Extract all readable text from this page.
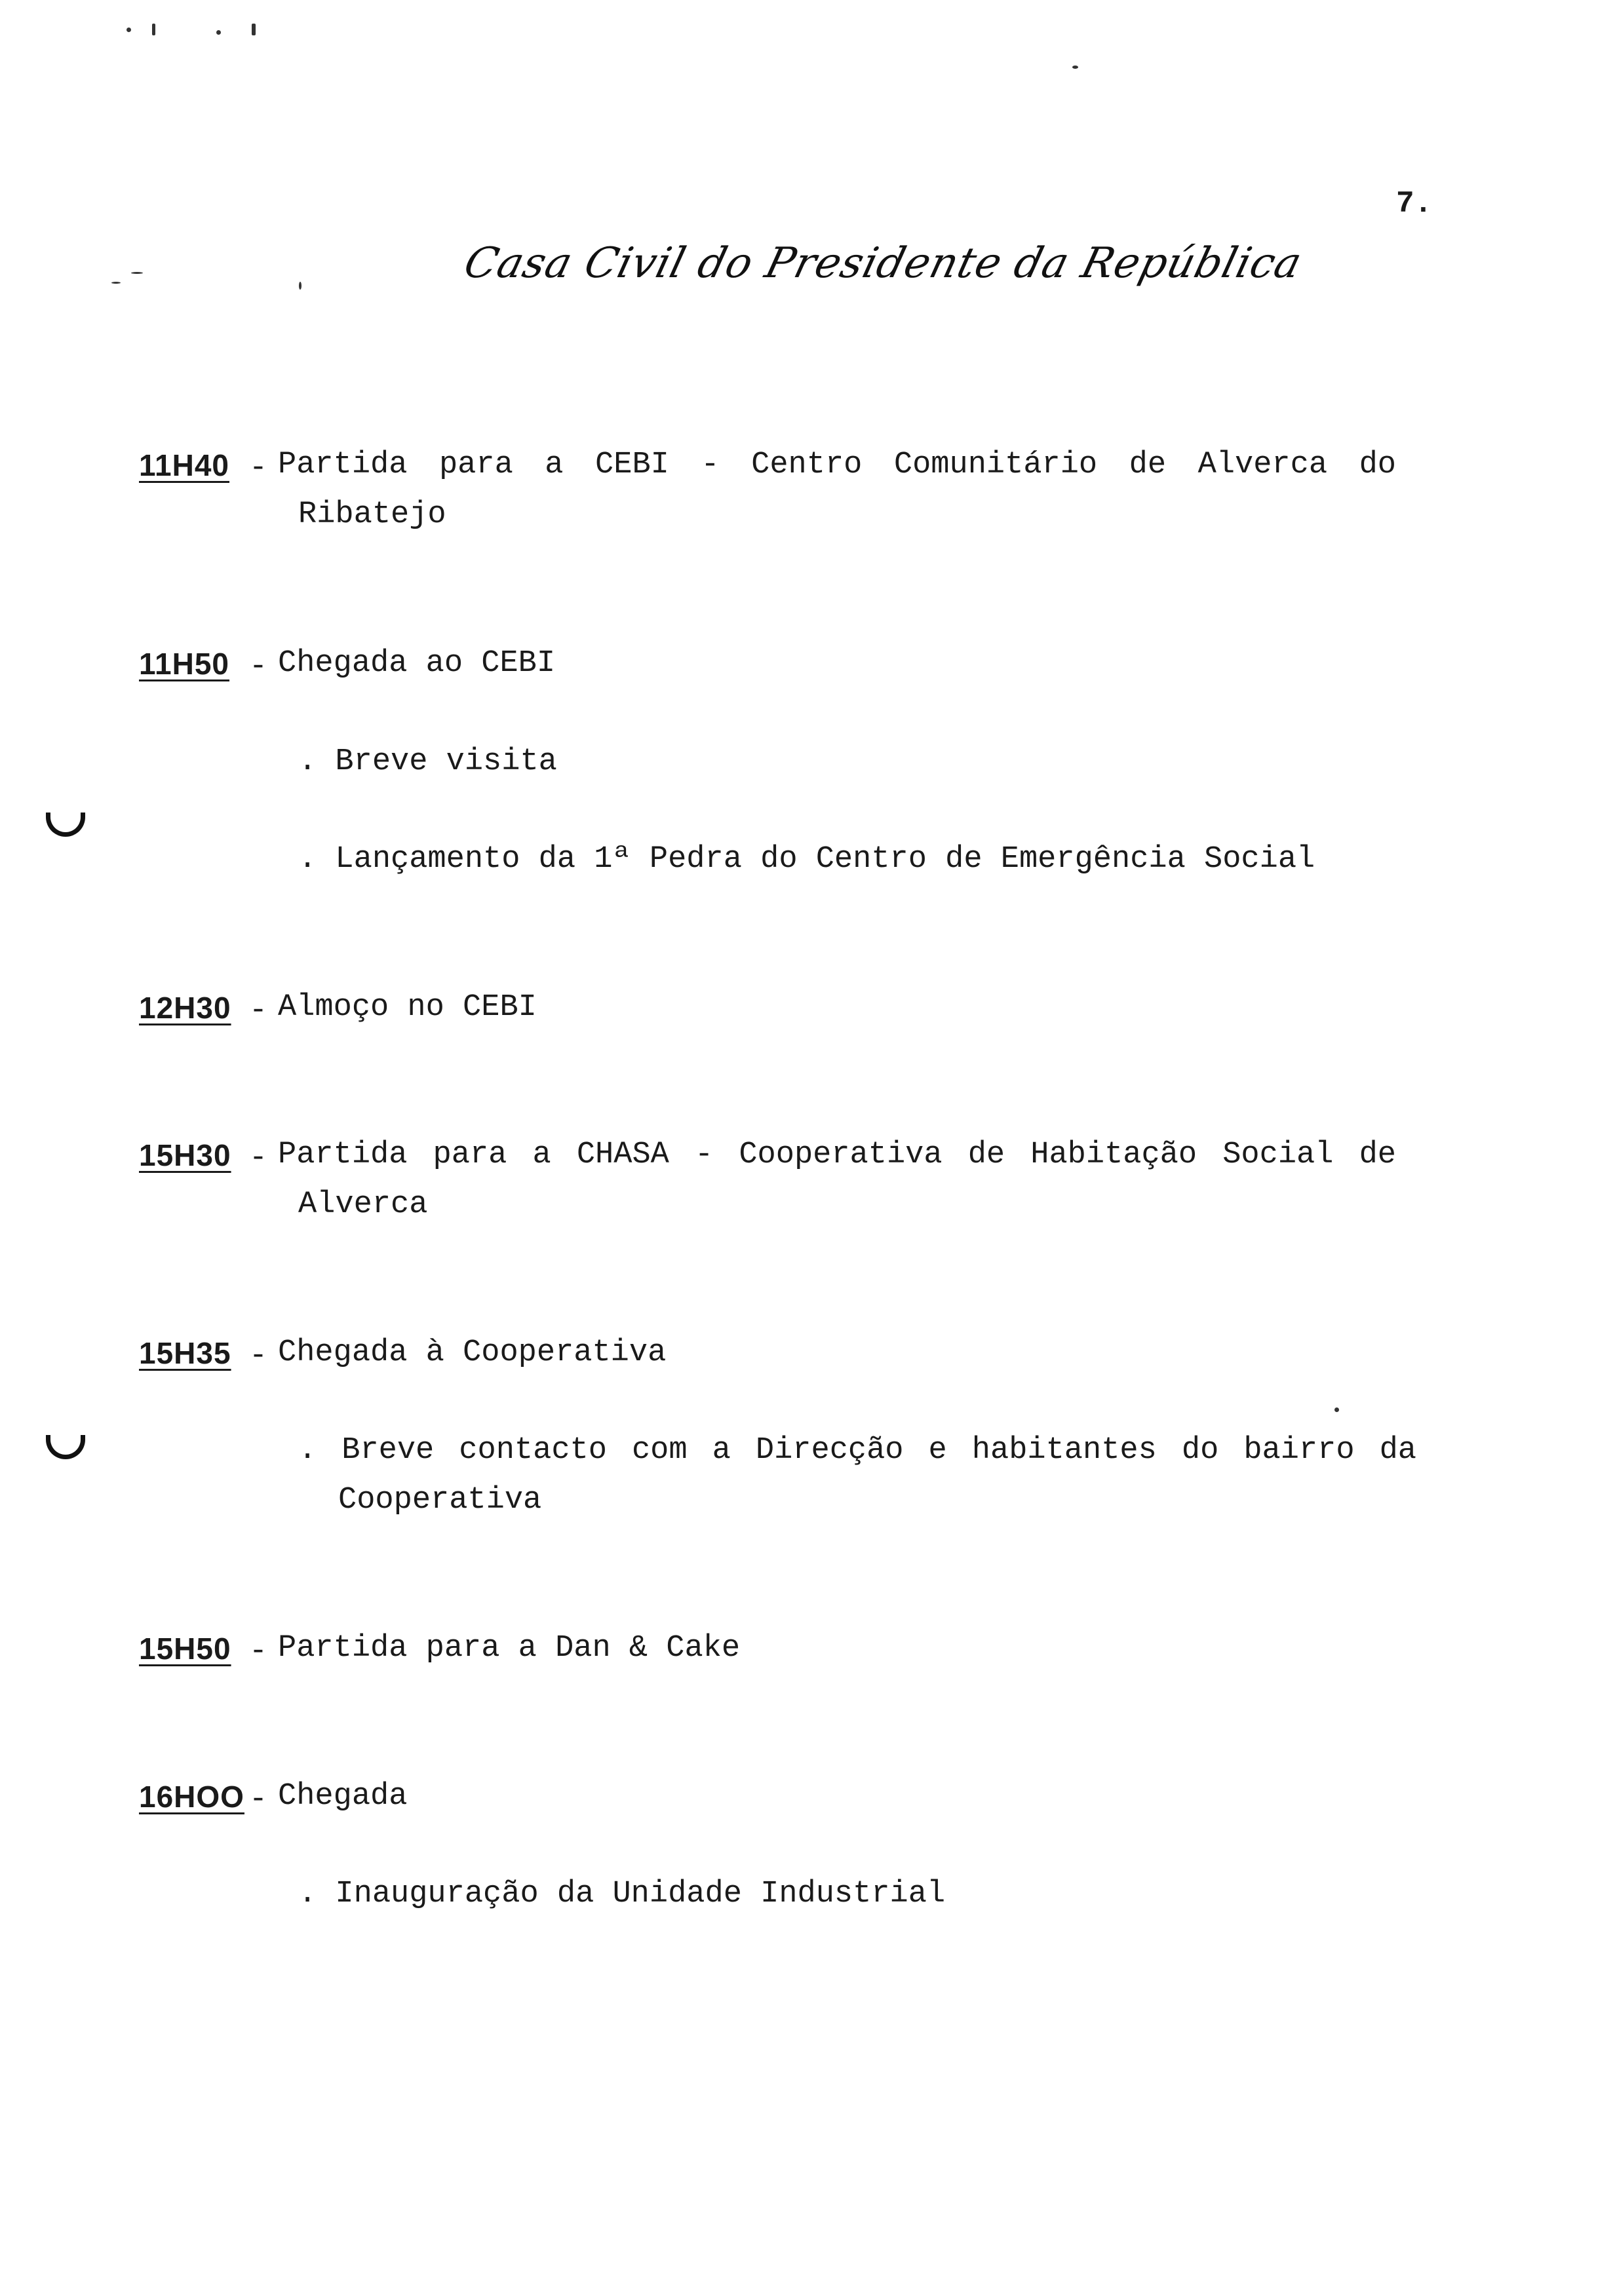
7.
Casa Civil do Presidente da República
11H40 - Partida para a CEBI - Centro Comunitário de Alverca do
Ribatejo
11H50 - Chegada ao CEBI
. Breve visita
. Lançamento da 1ª Pedra do Centro de Emergência Social
12H30 - Almoço no CEBI
15H30 - Partida para a CHASA - Cooperativa de Habitação Social de
Alverca
15H35 - Chegada à Cooperativa
. Breve contacto com a Direcção e habitantes do bairro da
Cooperativa
15H50 - Partida para a Dan & Cake
16HOO - Chegada
. Inauguração da Unidade Industrial
